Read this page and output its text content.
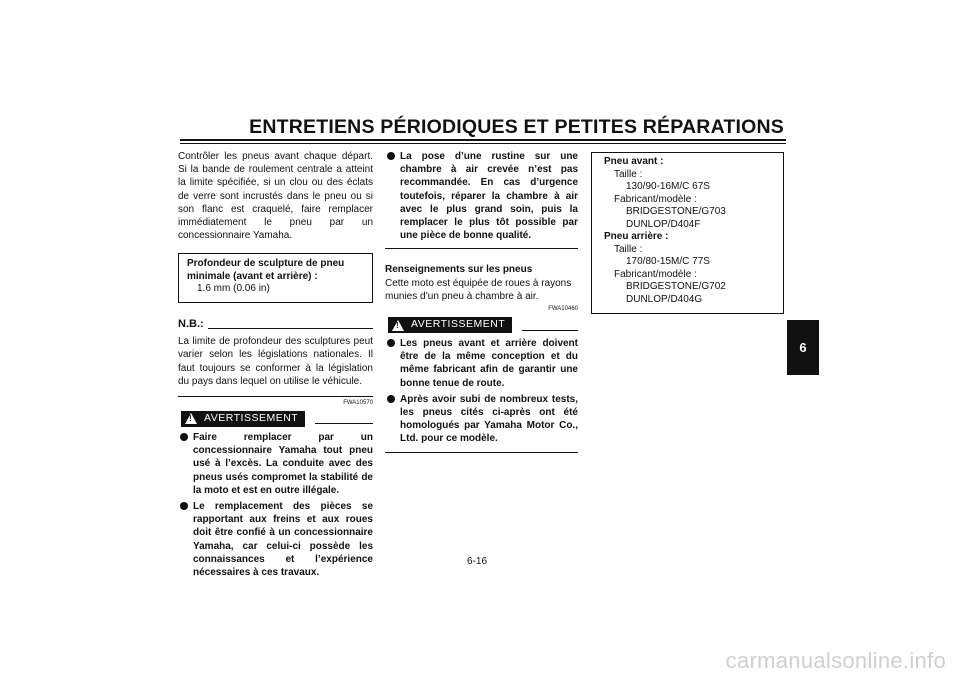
ENTRETIENS PÉRIODIQUES ET PETITES RÉPARATIONS
6

Contrôler les pneus avant chaque départ. Si la bande de roulement centrale a atteint la limite spécifiée, si un clou ou des éclats de verre sont incrustés dans le pneu ou si son flanc est craquelé, faire remplacer immédiatement le pneu par un concessionnaire Yamaha.

Profondeur de sculpture de pneu minimale (avant et arrière) :
1.6 mm (0.06 in)
N.B.:

La limite de profondeur des sculptures peut varier selon les législations nationales. Il faut toujours se conformer à la législation du pays dans lequel on utilise le véhicule.

FWA10570
! AVERTISSEMENT
Faire remplacer par un concessionnaire Yamaha tout pneu usé à l’excès. La conduite avec des pneus usés compromet la stabilité de la moto et est en outre illégale.
Le remplacement des pièces se rapportant aux freins et aux roues doit être confié à un concessionnaire Yamaha, car celui-ci possède les connaissances et l’expérience nécessaires à ces travaux.
La pose d’une rustine sur une chambre à air crevée n’est pas recommandée. En cas d’urgence toutefois, réparer la chambre à air avec le plus grand soin, puis la remplacer le plus tôt possible par une pièce de bonne qualité.
Renseignements sur les pneus

Cette moto est équipée de roues à rayons munies d’un pneu à chambre à air.

FWA10460
! AVERTISSEMENT
Les pneus avant et arrière doivent être de la même conception et du même fabricant afin de garantir une bonne tenue de route.
Après avoir subi de nombreux tests, les pneus cités ci-après ont été homologués par Yamaha Motor Co., Ltd. pour ce modèle.
Pneu avant :
Taille :
130/90-16M/C 67S
Fabricant/modèle :
BRIDGESTONE/G703
DUNLOP/D404F
Pneu arrière :
Taille :
170/80-15M/C 77S
Fabricant/modèle :
BRIDGESTONE/G702
DUNLOP/D404G
6-16
carmanualsonline.info
